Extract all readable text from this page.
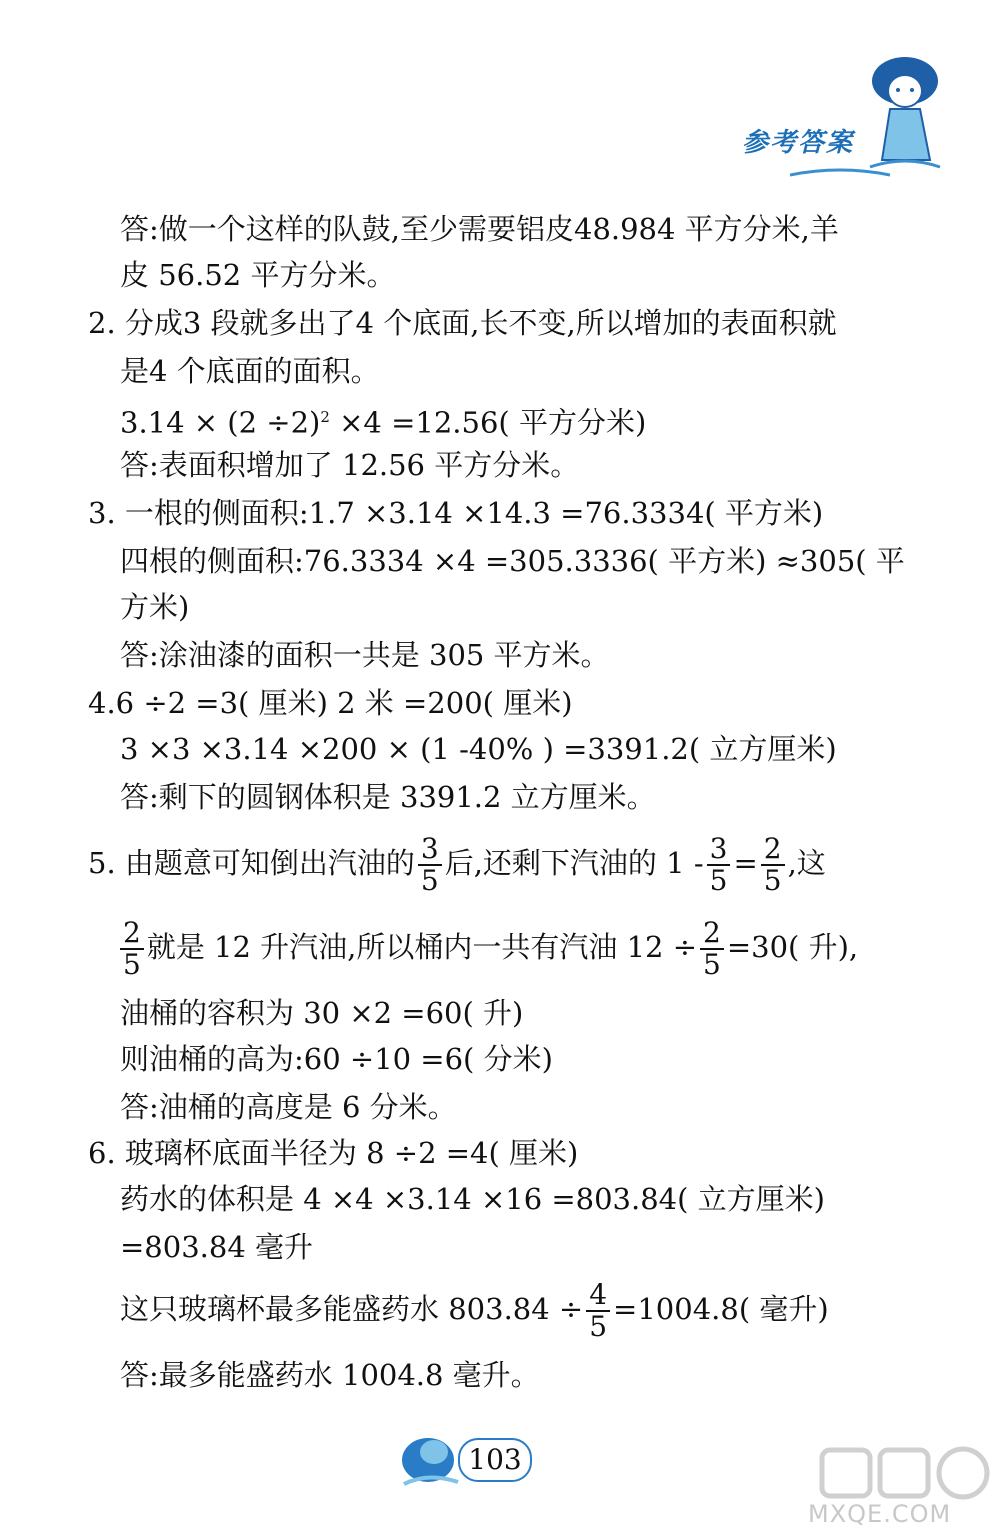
参考答案
答:做一个这样的队鼓,至少需要铝皮48.984 平方分米,羊
皮 56.52 平方分米。
2. 分成3 段就多出了4 个底面,长不变,所以增加的表面积就
是4 个底面的面积。
$3.14 \times (2 \div 2)^2 \times 4 =12.56$( 平方分米)
答:表面积增加了 12.56 平方分米。
3. 一根的侧面积:1.7 ×3.14 ×14.3 =76.3334( 平方米)
四根的侧面积:76.3334 ×4 =305.3336( 平方米) ≈305( 平
方米)
答:涂油漆的面积一共是 305 平方米。
4.6 ÷2 =3( 厘米) 2 米 =200( 厘米)
3 ×3 ×3.14 ×200 × (1 -40% ) =3391.2( 立方厘米)
答:剩下的圆钢体积是 3391.2 立方厘米。
5. 由题意可知倒出汽油的 $\frac{3}{5}$ 后,还剩下汽油的 $1 - \frac{3}{5} = \frac{2}{5}$ ,这
$\frac{2}{5}$ 就是 12 升汽油,所以桶内一共有汽油 $12 \div \frac{2}{5} =30$( 升),
油桶的容积为 30 ×2 =60( 升)
则油桶的高为:60 ÷10 =6( 分米)
答:油桶的高度是 6 分米。
6. 玻璃杯底面半径为 8 ÷2 =4( 厘米)
药水的体积是 4 ×4 ×3.14 ×16 =803.84( 立方厘米)
=803.84 毫升
这只玻璃杯最多能盛药水 $803.84 \div \frac{4}{5} =1004.8$( 毫升)
答:最多能盛药水 1004.8 毫升。
103
MXQE.COM
